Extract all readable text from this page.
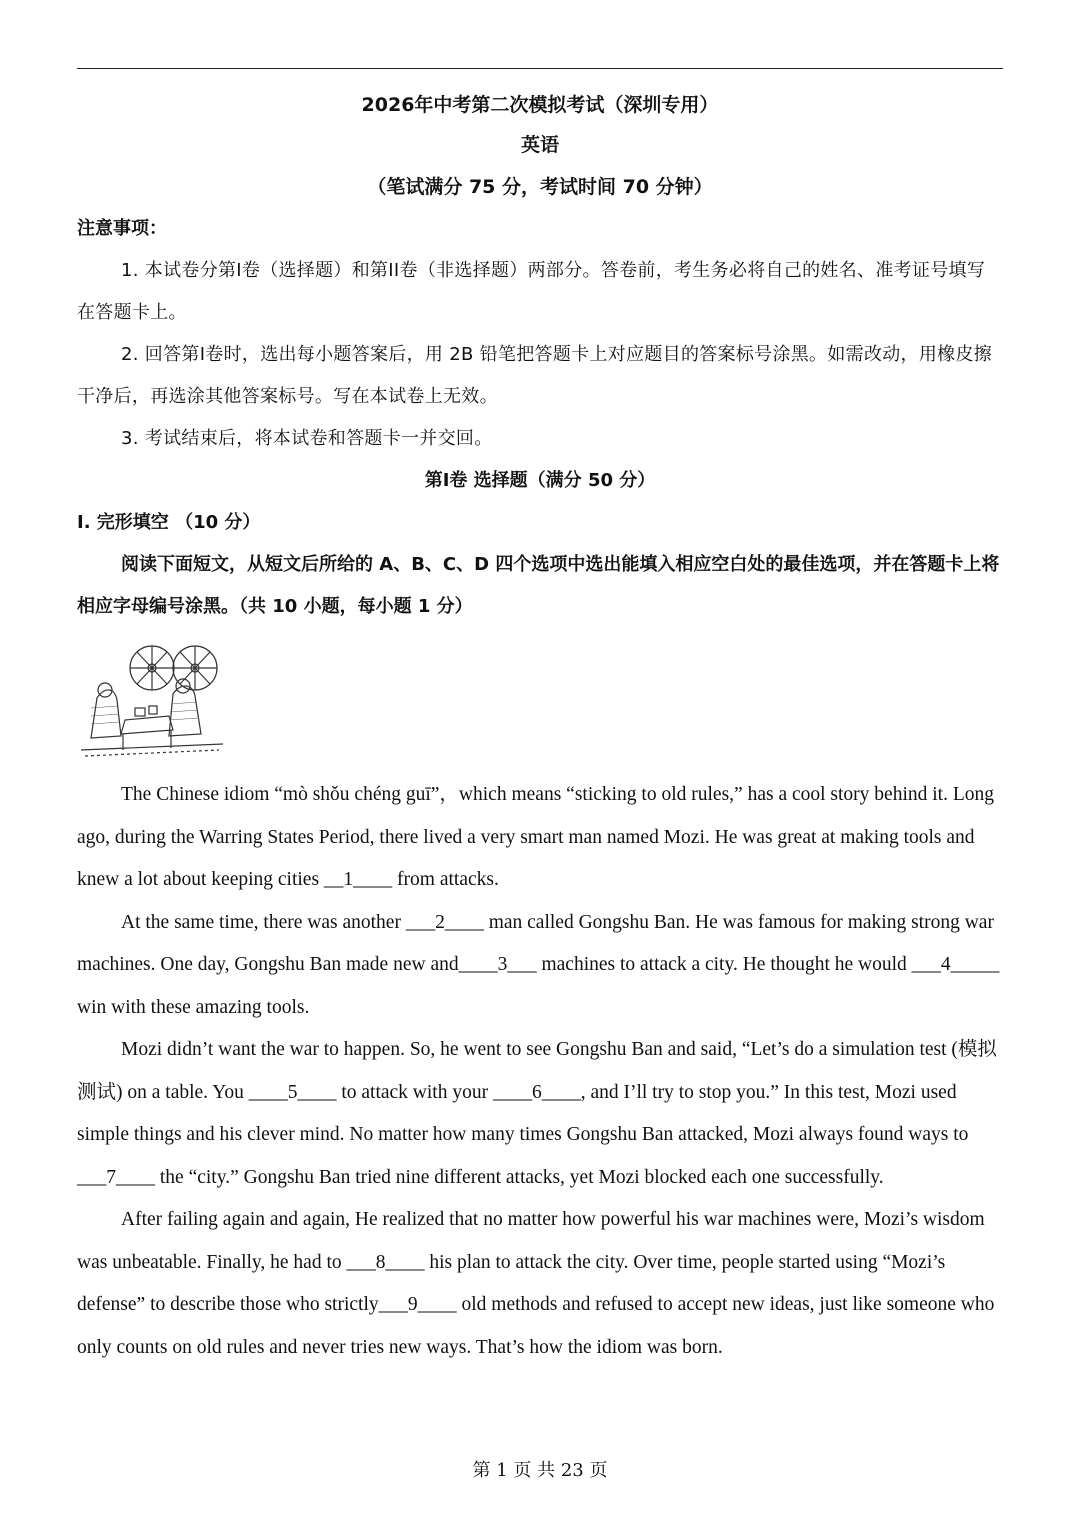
2026年中考第二次模拟考试（深圳专用）
英语
（笔试满分 75 分，考试时间 70 分钟）
注意事项：

1. 本试卷分第I卷（选择题）和第II卷（非选择题）两部分。答卷前，考生务必将自己的姓名、准考证号填写在答题卡上。

2. 回答第I卷时，选出每小题答案后，用 2B 铅笔把答题卡上对应题目的答案标号涂黑。如需改动，用橡皮擦干净后，再选涂其他答案标号。写在本试卷上无效。

3. 考试结束后，将本试卷和答题卡一并交回。

第I卷 选择题（满分 50 分）
I. 完形填空 （10 分）

阅读下面短文，从短文后所给的 A、B、C、D 四个选项中选出能填入相应空白处的最佳选项，并在答题卡上将相应字母编号涂黑。（共 10 小题，每小题 1 分）

The Chinese idiom “mò shǒu chéng guī”，which means “sticking to old rules,” has a cool story behind it. Long ago, during the Warring States Period, there lived a very smart man named Mozi. He was great at making tools and knew a lot about keeping cities __1____ from attacks.

At the same time, there was another ___2____ man called Gongshu Ban. He was famous for making strong war machines. One day, Gongshu Ban made new and____3___ machines to attack a city. He thought he would ___4_____ win with these amazing tools.

Mozi didn’t want the war to happen. So, he went to see Gongshu Ban and said, “Let’s do a simulation test (模拟测试) on a table. You ____5____ to attack with your ____6____, and I’ll try to stop you.” In this test, Mozi used simple things and his clever mind. No matter how many times Gongshu Ban attacked, Mozi always found ways to ___7____ the “city.” Gongshu Ban tried nine different attacks, yet Mozi blocked each one successfully.

After failing again and again, He realized that no matter how powerful his war machines were, Mozi’s wisdom was unbeatable. Finally, he had to ___8____ his plan to attack the city. Over time, people started using “Mozi’s defense” to describe those who strictly___9____ old methods and refused to accept new ideas, just like someone who only counts on old rules and never tries new ways. That’s how the idiom was born.

第 1 页 共 23 页
